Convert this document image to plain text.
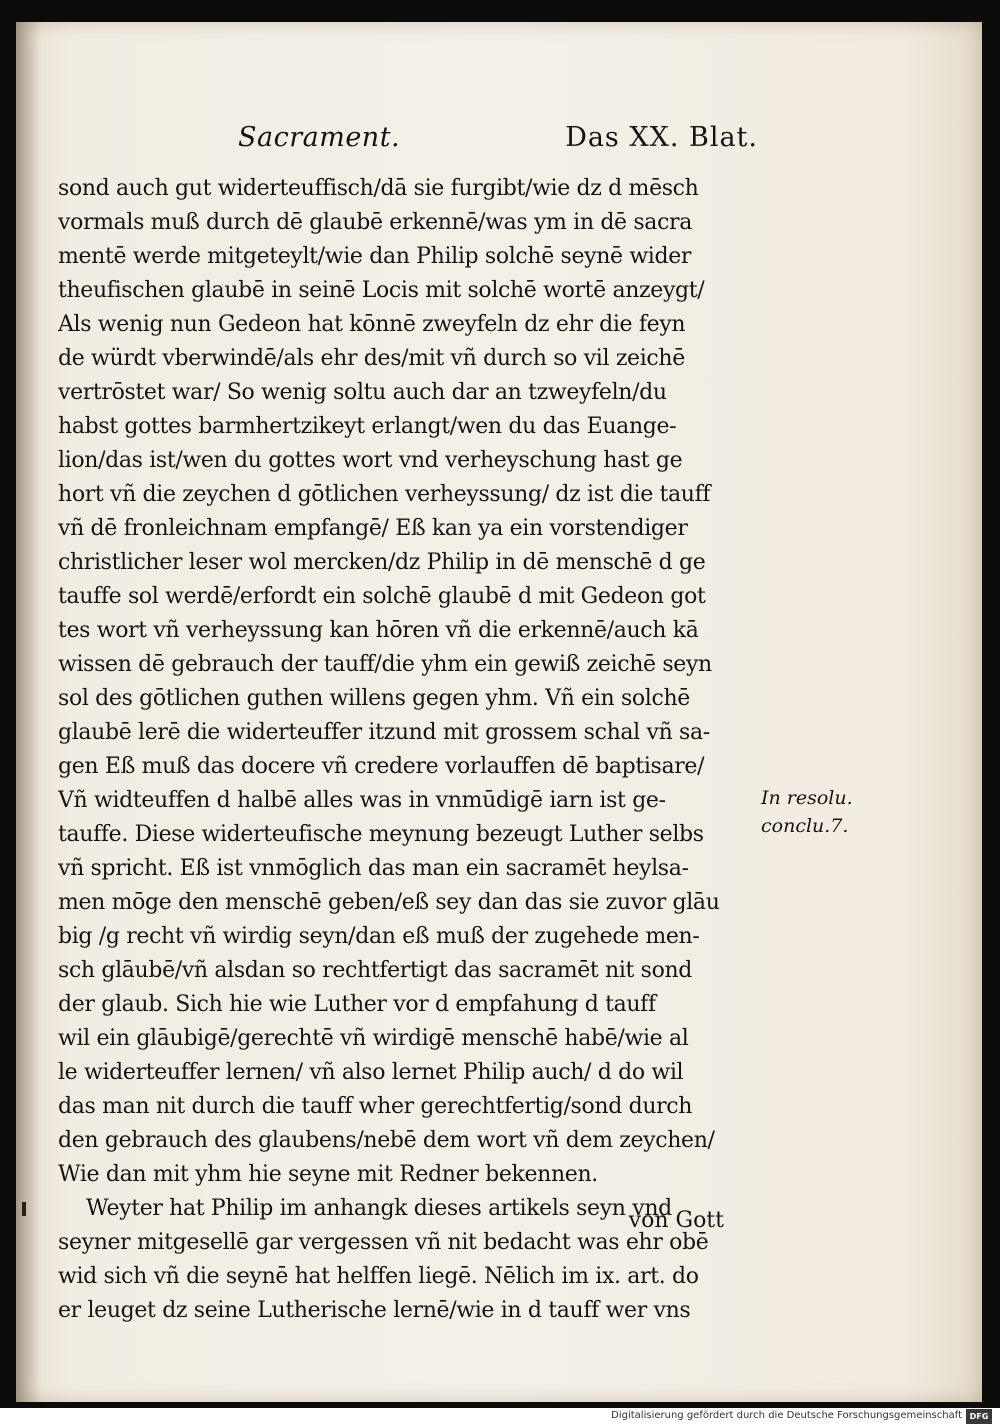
Sacrament.	Das XX. Blat.
sond auch gut widerteuffisch/dā sie furgibt/wie dz d mēsch
vormals muß durch dē glaubē erkennē/was ym in dē sacra
mentē werde mitgeteylt/wie dan Philip solchē seynē wider
theufischen glaubē in seinē Locis mit solchē wortē anzeygt/
Als wenig nun Gedeon hat kōnnē zweyfeln dz ehr die feyn
de würdt vberwindē/als ehr des/mit vñ durch so vil zeichē
vertrōstet war/ So wenig soltu auch dar an tzweyfeln/du
habst gottes barmhertzikeyt erlangt/wen du das Euange-
lion/das ist/wen du gottes wort vnd verheyschung hast ge
hort vñ die zeychen d gōtlichen verheyssung/ dz ist die tauff
vñ dē fronleichnam empfangē/ Eß kan ya ein vorstendiger
christlicher leser wol mercken/dz Philip in dē menschē d ge
tauffe sol werdē/erfordt ein solchē glaubē d mit Gedeon got
tes wort vñ verheyssung kan hōren vñ die erkennē/auch kā
wissen dē gebrauch der tauff/die yhm ein gewiß zeichē seyn
sol des gōtlichen guthen willens gegen yhm. Vñ ein solchē
glaubē lerē die widerteuffer itzund mit grossem schal vñ sa-
gen Eß muß das docere vñ credere vorlauffen dē baptisare/
Vñ widteuffen d halbē alles was in vnmūdigē iarn ist ge-
tauffe. Diese widerteufische meynung bezeugt Luther selbs
vñ spricht. Eß ist vnmōglich das man ein sacramēt heylsa-
men mōge den menschē geben/eß sey dan das sie zuvor glāu
big /g recht vñ wirdig seyn/dan eß muß der zugehede men-
sch glāubē/vñ alsdan so rechtfertigt das sacramēt nit sond
der glaub. Sich hie wie Luther vor d empfahung d tauff
wil ein glāubigē/gerechtē vñ wirdigē menschē habē/wie al
le widerteuffer lernen/ vñ also lernet Philip auch/ d do wil
das man nit durch die tauff wher gerechtfertig/sond durch
den gebrauch des glaubens/nebē dem wort vñ dem zeychen/
Wie dan mit yhm hie seyne mit Redner bekennen.
Weyter hat Philip im anhangk dieses artikels seyn vnd
seyner mitgesellē gar vergessen vñ nit bedacht was ehr obē
wid sich vñ die seynē hat helffen liegē. Nēlich im ix. art. do
er leuget dz seine Lutherische lernē/wie in d tauff wer vns
In resolu.
conclu.7.
von Gott
Digitalisierung gefördert durch die Deutsche Forschungsgemeinschaft DFG
